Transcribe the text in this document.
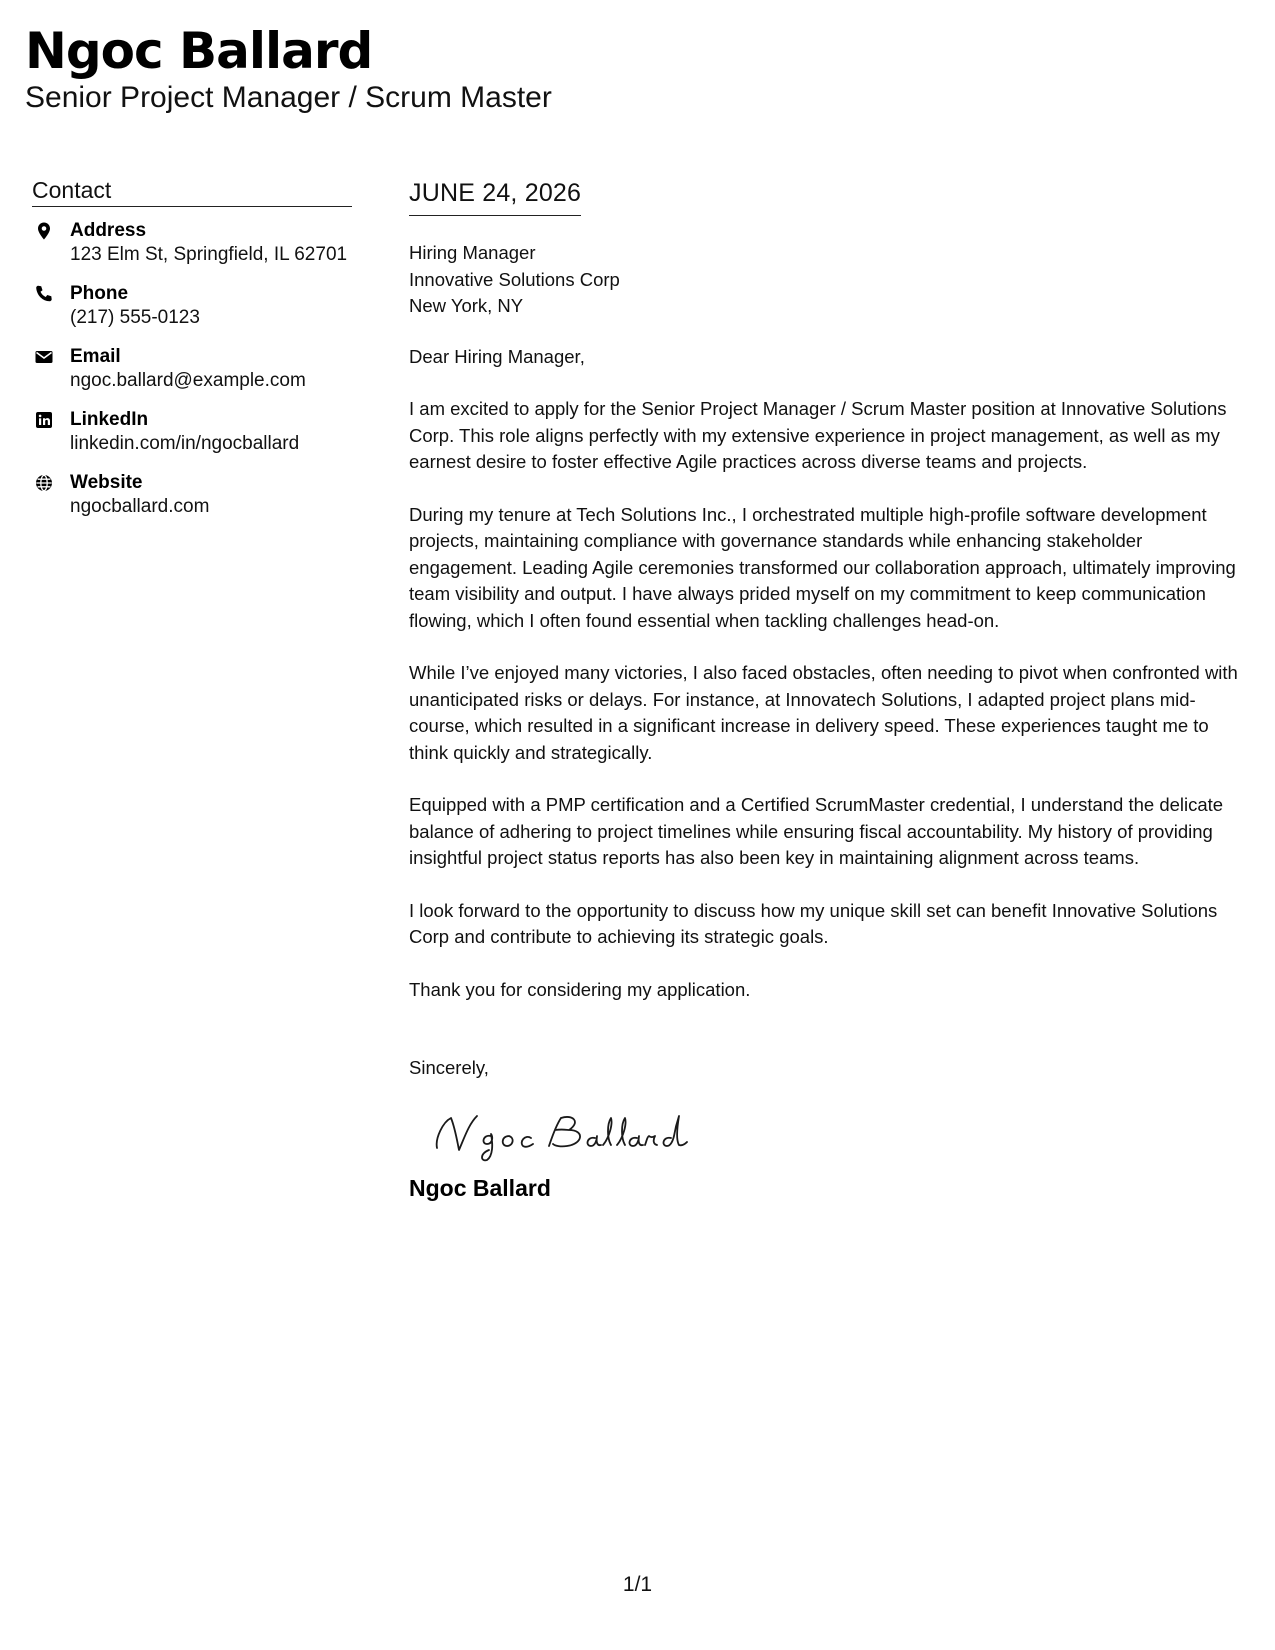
Ngoc Ballard
Senior Project Manager / Scrum Master
Contact
Address
123 Elm St, Springfield, IL 62701
Phone
(217) 555-0123
Email
ngoc.ballard@example.com
LinkedIn
linkedin.com/in/ngocballard
Website
ngocballard.com
JUNE 24, 2026
Hiring Manager
Innovative Solutions Corp
New York, NY

Dear Hiring Manager,

I am excited to apply for the Senior Project Manager / Scrum Master position at Innovative Solutions Corp. This role aligns perfectly with my extensive experience in project management, as well as my earnest desire to foster effective Agile practices across diverse teams and projects.

During my tenure at Tech Solutions Inc., I orchestrated multiple high-profile software development projects, maintaining compliance with governance standards while enhancing stakeholder engagement. Leading Agile ceremonies transformed our collaboration approach, ultimately improving team visibility and output. I have always prided myself on my commitment to keep communication flowing, which I often found essential when tackling challenges head-on.

While I’ve enjoyed many victories, I also faced obstacles, often needing to pivot when confronted with unanticipated risks or delays. For instance, at Innovatech Solutions, I adapted project plans mid-course, which resulted in a significant increase in delivery speed. These experiences taught me to think quickly and strategically.

Equipped with a PMP certification and a Certified ScrumMaster credential, I understand the delicate balance of adhering to project timelines while ensuring fiscal accountability. My history of providing insightful project status reports has also been key in maintaining alignment across teams.

I look forward to the opportunity to discuss how my unique skill set can benefit Innovative Solutions Corp and contribute to achieving its strategic goals.

Thank you for considering my application.

Sincerely,
Ngoc Ballard
1/1
